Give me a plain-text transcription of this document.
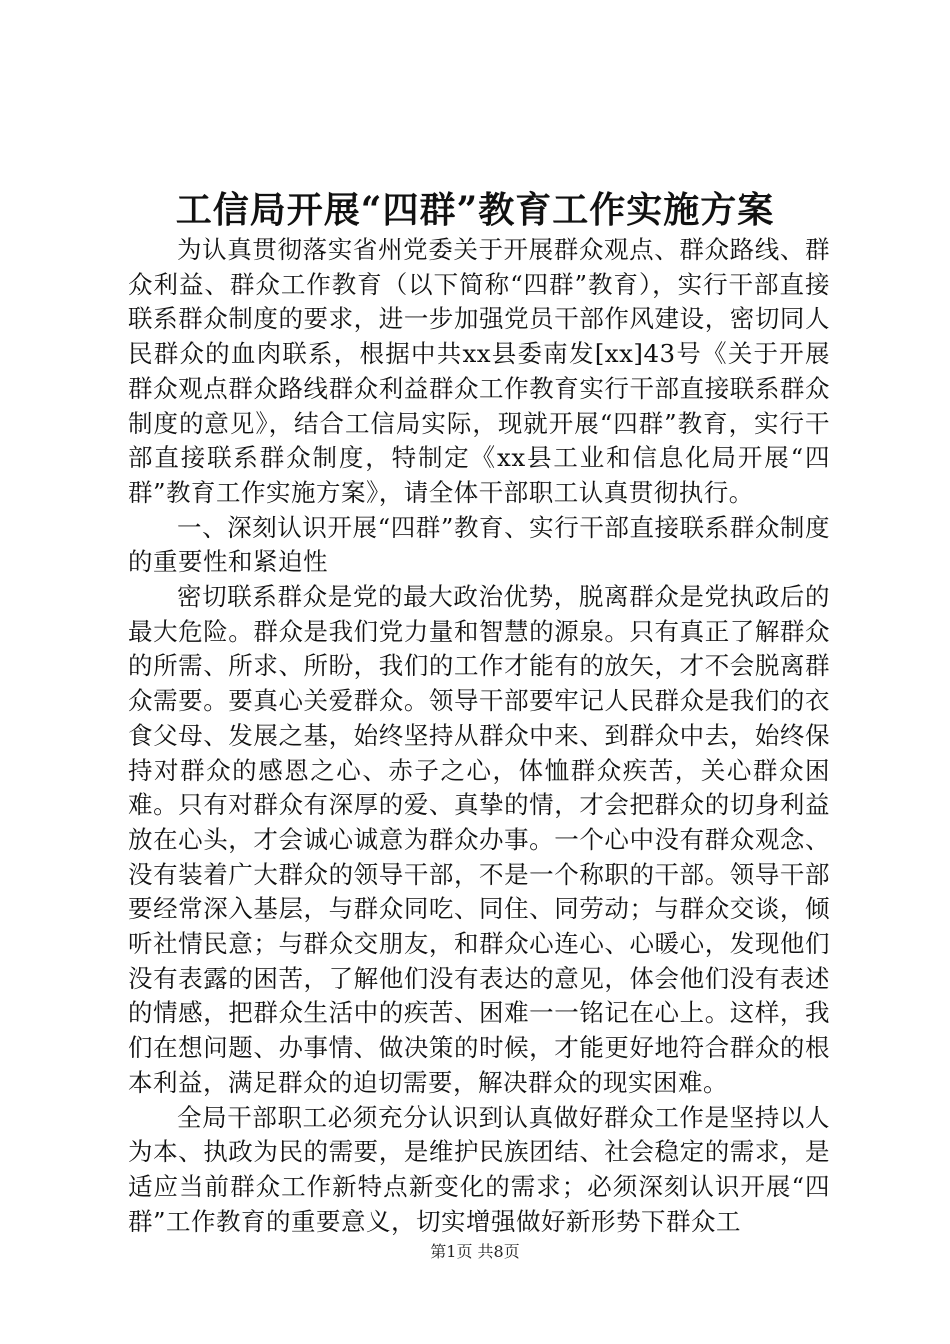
工信局开展“四群”教育工作实施方案

为认真贯彻落实省州党委关于开展群众观点、群众路线、群众利益、群众工作教育（以下简称“四群”教育），实行干部直接联系群众制度的要求，进一步加强党员干部作风建设，密切同人民群众的血肉联系，根据中共xx县委南发[xx]43号《关于开展群众观点群众路线群众利益群众工作教育实行干部直接联系群众制度的意见》，结合工信局实际，现就开展“四群”教育，实行干部直接联系群众制度，特制定《xx县工业和信息化局开展“四群”教育工作实施方案》，请全体干部职工认真贯彻执行。

一、深刻认识开展“四群”教育、实行干部直接联系群众制度的重要性和紧迫性

密切联系群众是党的最大政治优势，脱离群众是党执政后的最大危险。群众是我们党力量和智慧的源泉。只有真正了解群众的所需、所求、所盼，我们的工作才能有的放矢，才不会脱离群众需要。要真心关爱群众。领导干部要牢记人民群众是我们的衣食父母、发展之基，始终坚持从群众中来、到群众中去，始终保持对群众的感恩之心、赤子之心，体恤群众疾苦，关心群众困难。只有对群众有深厚的爱、真挚的情，才会把群众的切身利益放在心头，才会诚心诚意为群众办事。一个心中没有群众观念、没有装着广大群众的领导干部，不是一个称职的干部。领导干部要经常深入基层，与群众同吃、同住、同劳动；与群众交谈，倾听社情民意；与群众交朋友，和群众心连心、心暖心，发现他们没有表露的困苦，了解他们没有表达的意见，体会他们没有表述的情感，把群众生活中的疾苦、困难一一铭记在心上。这样，我们在想问题、办事情、做决策的时候，才能更好地符合群众的根本利益，满足群众的迫切需要，解决群众的现实困难。

全局干部职工必须充分认识到认真做好群众工作是坚持以人为本、执政为民的需要，是维护民族团结、社会稳定的需求，是适应当前群众工作新特点新变化的需求；必须深刻认识开展“四群”工作教育的重要意义，切实增强做好新形势下群众工

第1页 共8页
